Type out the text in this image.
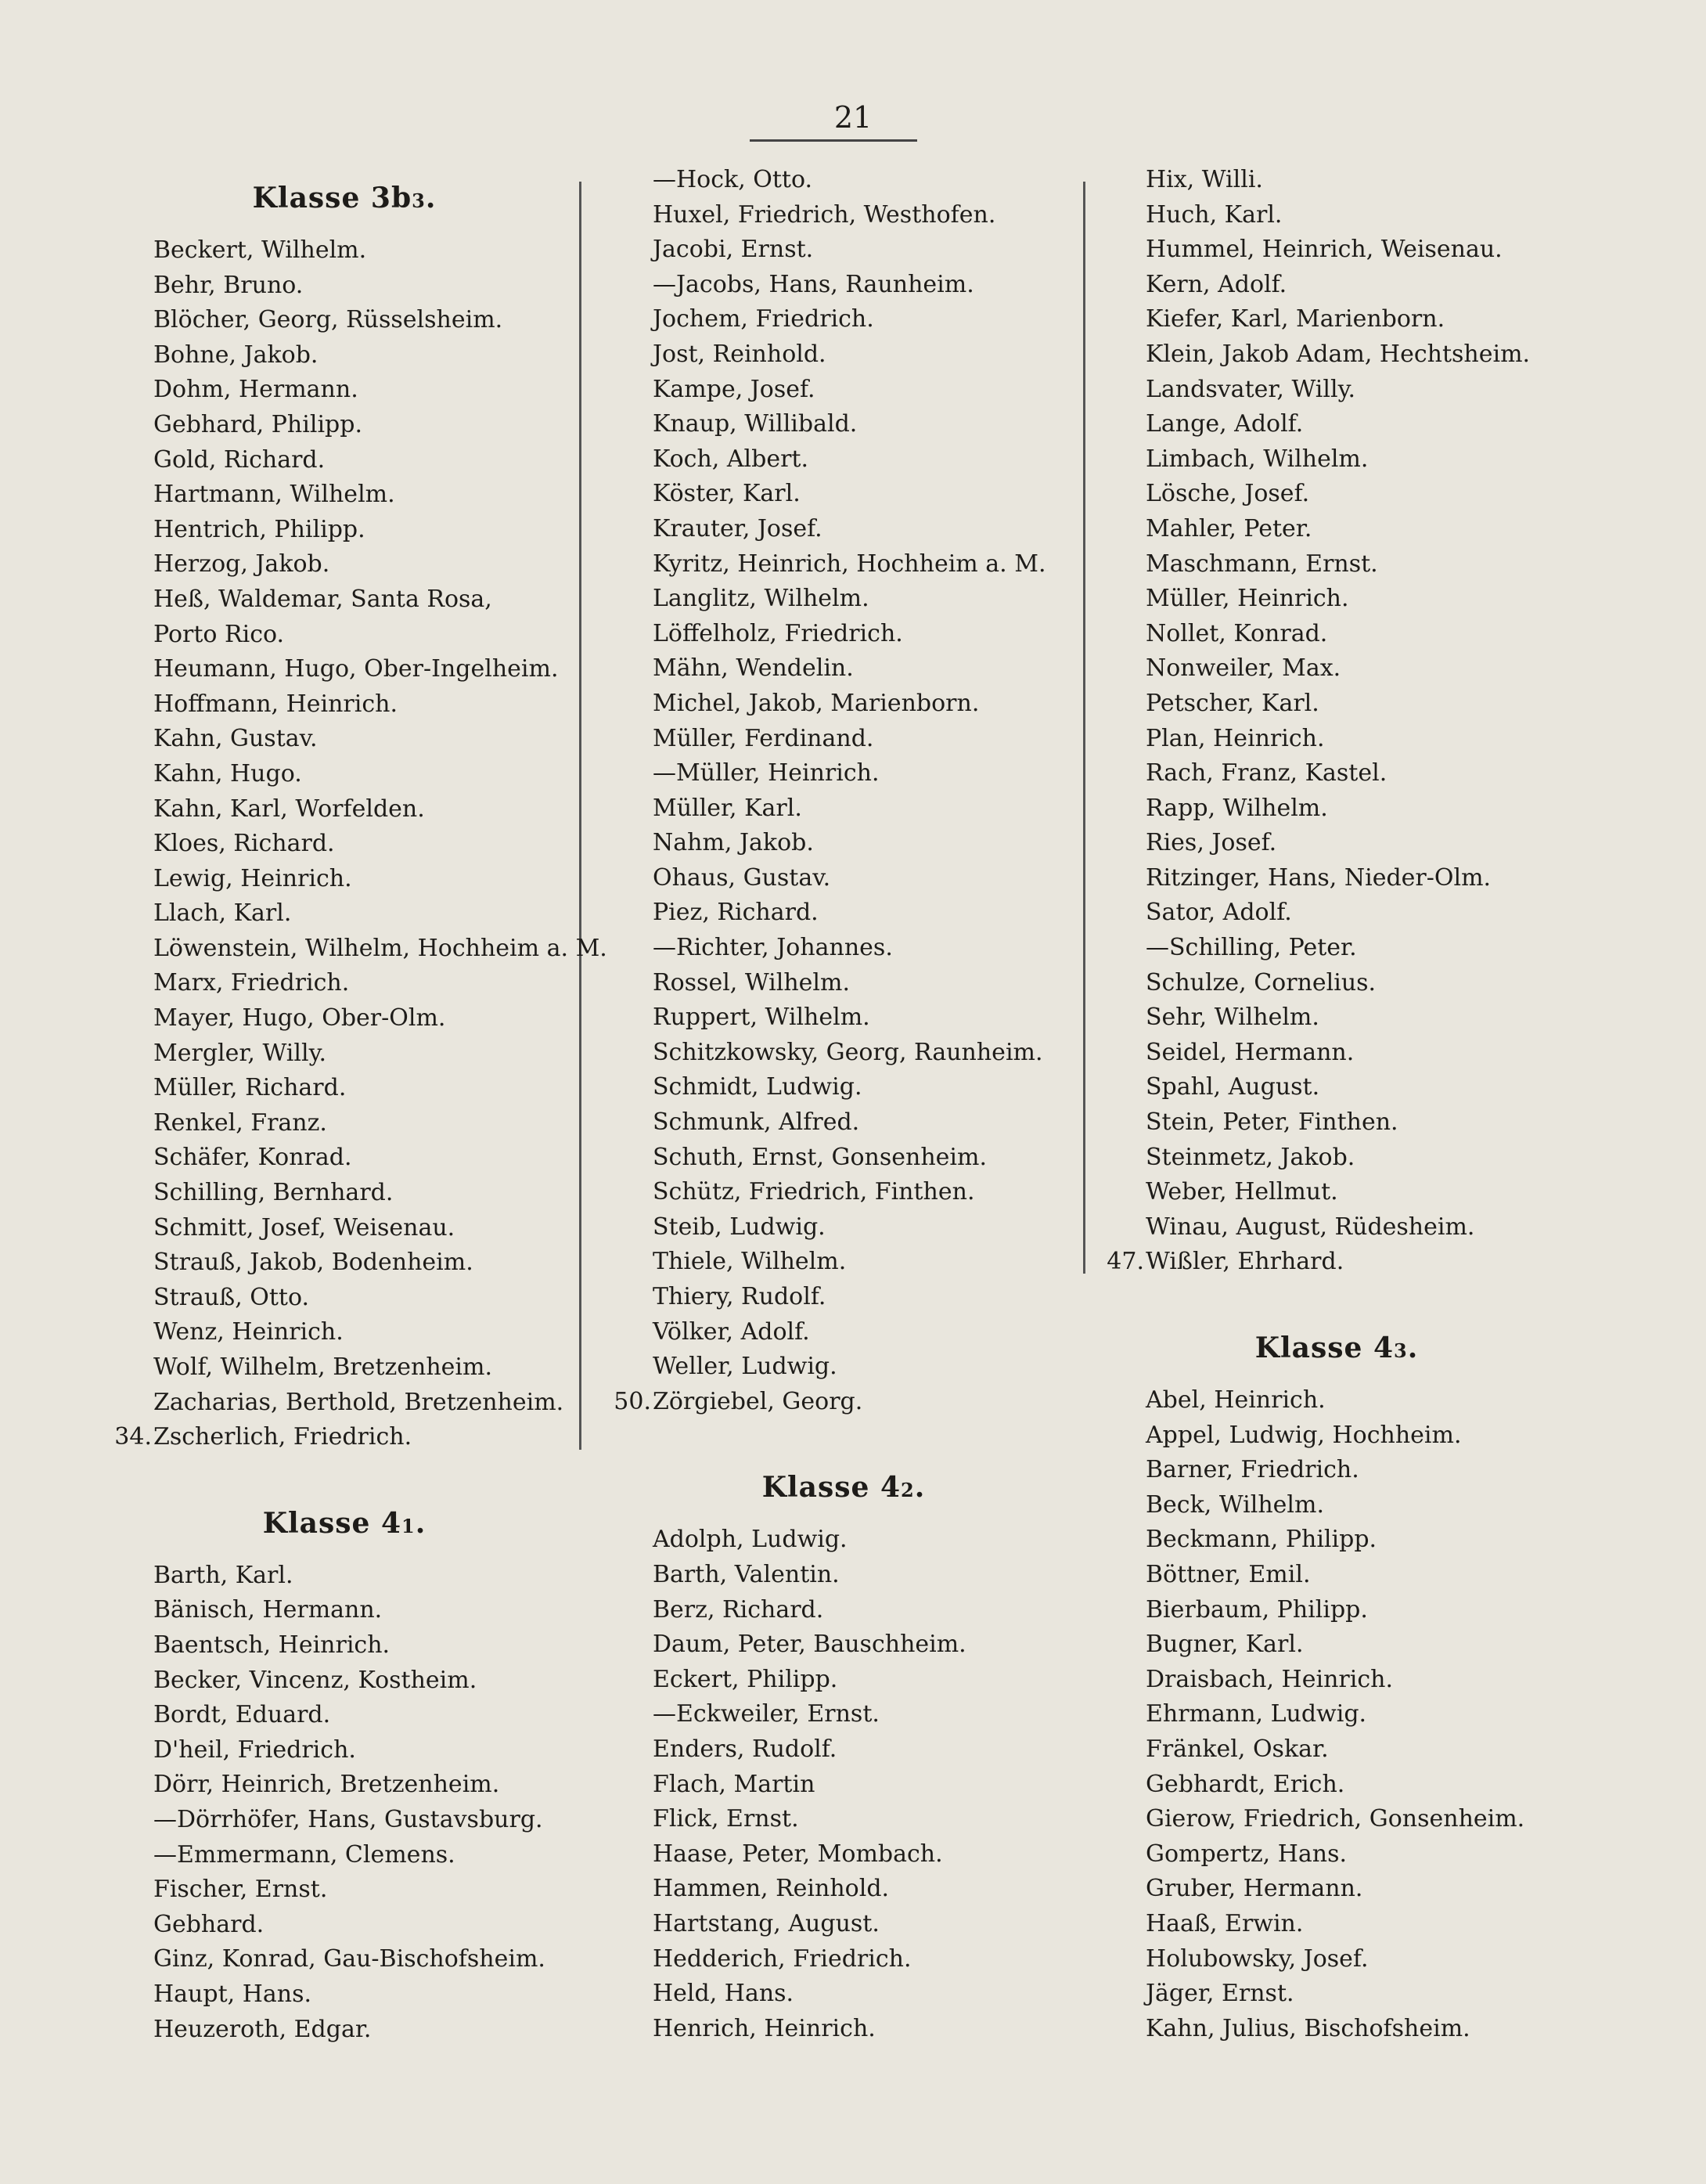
21
Klasse 3b3.
Beckert, Wilhelm.
Behr, Bruno.
Blöcher, Georg, Rüsselsheim.
Bohne, Jakob.
Dohm, Hermann.
Gebhard, Philipp.
Gold, Richard.
Hartmann, Wilhelm.
Hentrich, Philipp.
Herzog, Jakob.
Heß, Waldemar, Santa Rosa,
Porto Rico.
Heumann, Hugo, Ober-Ingelheim.
Hoffmann, Heinrich.
Kahn, Gustav.
Kahn, Hugo.
Kahn, Karl, Worfelden.
Kloes, Richard.
Lewig, Heinrich.
Llach, Karl.
Löwenstein, Wilhelm, Hochheim a. M.
Marx, Friedrich.
Mayer, Hugo, Ober-Olm.
Mergler, Willy.
Müller, Richard.
Renkel, Franz.
Schäfer, Konrad.
Schilling, Bernhard.
Schmitt, Josef, Weisenau.
Strauß, Jakob, Bodenheim.
Strauß, Otto.
Wenz, Heinrich.
Wolf, Wilhelm, Bretzenheim.
Zacharias, Berthold, Bretzenheim.
34. Zscherlich, Friedrich.
Klasse 41.
Barth, Karl.
Bänisch, Hermann.
Baentsch, Heinrich.
Becker, Vincenz, Kostheim.
Bordt, Eduard.
D'heil, Friedrich.
Dörr, Heinrich, Bretzenheim.
—Dörrhöfer, Hans, Gustavsburg.
—Emmermann, Clemens.
Fischer, Ernst.
Gebhard.
Ginz, Konrad, Gau-Bischofsheim.
Haupt, Hans.
Heuzeroth, Edgar.
—Hock, Otto.
Huxel, Friedrich, Westhofen.
Jacobi, Ernst.
—Jacobs, Hans, Raunheim.
Jochem, Friedrich.
Jost, Reinhold.
Kampe, Josef.
Knaup, Willibald.
Koch, Albert.
Köster, Karl.
Krauter, Josef.
Kyritz, Heinrich, Hochheim a. M.
Langlitz, Wilhelm.
Löffelholz, Friedrich.
Mähn, Wendelin.
Michel, Jakob, Marienborn.
Müller, Ferdinand.
—Müller, Heinrich.
Müller, Karl.
Nahm, Jakob.
Ohaus, Gustav.
Piez, Richard.
—Richter, Johannes.
Rossel, Wilhelm.
Ruppert, Wilhelm.
Schitzkowsky, Georg, Raunheim.
Schmidt, Ludwig.
Schmunk, Alfred.
Schuth, Ernst, Gonsenheim.
Schütz, Friedrich, Finthen.
Steib, Ludwig.
Thiele, Wilhelm.
Thiery, Rudolf.
Völker, Adolf.
Weller, Ludwig.
50. Zörgiebel, Georg.
Klasse 42.
Adolph, Ludwig.
Barth, Valentin.
Berz, Richard.
Daum, Peter, Bauschheim.
Eckert, Philipp.
—Eckweiler, Ernst.
Enders, Rudolf.
Flach, Martin
Flick, Ernst.
Haase, Peter, Mombach.
Hammen, Reinhold.
Hartstang, August.
Hedderich, Friedrich.
Held, Hans.
Henrich, Heinrich.
Hix, Willi.
Huch, Karl.
Hummel, Heinrich, Weisenau.
Kern, Adolf.
Kiefer, Karl, Marienborn.
Klein, Jakob Adam, Hechtsheim.
Landsvater, Willy.
Lange, Adolf.
Limbach, Wilhelm.
Lösche, Josef.
Mahler, Peter.
Maschmann, Ernst.
Müller, Heinrich.
Nollet, Konrad.
Nonweiler, Max.
Petscher, Karl.
Plan, Heinrich.
Rach, Franz, Kastel.
Rapp, Wilhelm.
Ries, Josef.
Ritzinger, Hans, Nieder-Olm.
Sator, Adolf.
—Schilling, Peter.
Schulze, Cornelius.
Sehr, Wilhelm.
Seidel, Hermann.
Spahl, August.
Stein, Peter, Finthen.
Steinmetz, Jakob.
Weber, Hellmut.
Winau, August, Rüdesheim.
47. Wißler, Ehrhard.
Klasse 43.
Abel, Heinrich.
Appel, Ludwig, Hochheim.
Barner, Friedrich.
Beck, Wilhelm.
Beckmann, Philipp.
Böttner, Emil.
Bierbaum, Philipp.
Bugner, Karl.
Draisbach, Heinrich.
Ehrmann, Ludwig.
Fränkel, Oskar.
Gebhardt, Erich.
Gierow, Friedrich, Gonsenheim.
Gompertz, Hans.
Gruber, Hermann.
Haaß, Erwin.
Holubowsky, Josef.
Jäger, Ernst.
Kahn, Julius, Bischofsheim.
